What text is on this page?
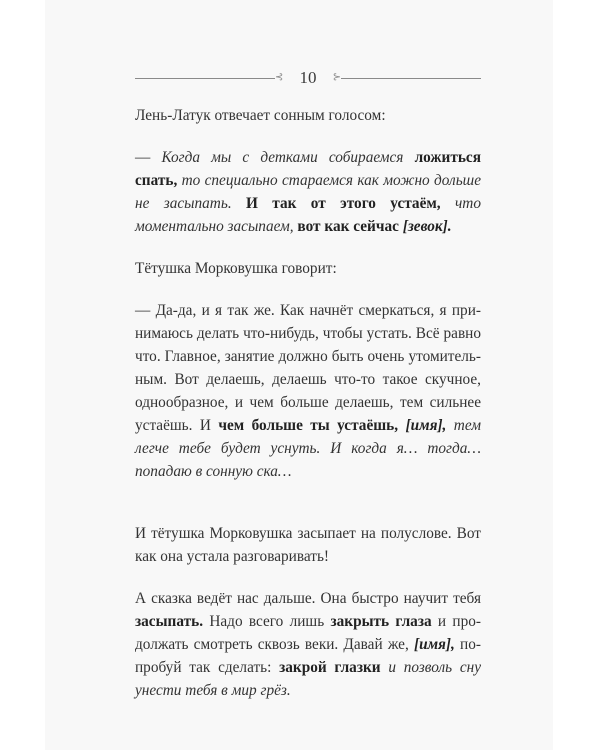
⊰ 10	⊱

Лень-Латук отвечает сонным голосом:

— Когда мы с детками собираемся ложиться спать, то специально стараемся как можно дольше не засыпать. И так от этого устаём, что моментально засыпаем, вот как сейчас [зевок].

Тётушка Морковушка говорит:

— Да-да, и я так же. Как начнёт смеркаться, я принимаюсь делать что-нибудь, чтобы устать. Всё равно что. Главное, занятие должно быть очень утомительным. Вот делаешь, делаешь что-то такое скучное, однообразное, и чем больше делаешь, тем сильнее устаёшь. И чем больше ты устаёшь, [имя], тем легче тебе будет уснуть. И когда я… тогда… попадаю в сонную ска…

И тётушка Морковушка засыпает на полуслове. Вот как она устала разговаривать!

А сказка ведёт нас дальше. Она быстро научит тебя засыпать. Надо всего лишь закрыть глаза и продолжать смотреть сквозь веки. Давай же, [имя], попробуй так сделать: закрой глазки и позволь сну унести тебя в мир грёз.
